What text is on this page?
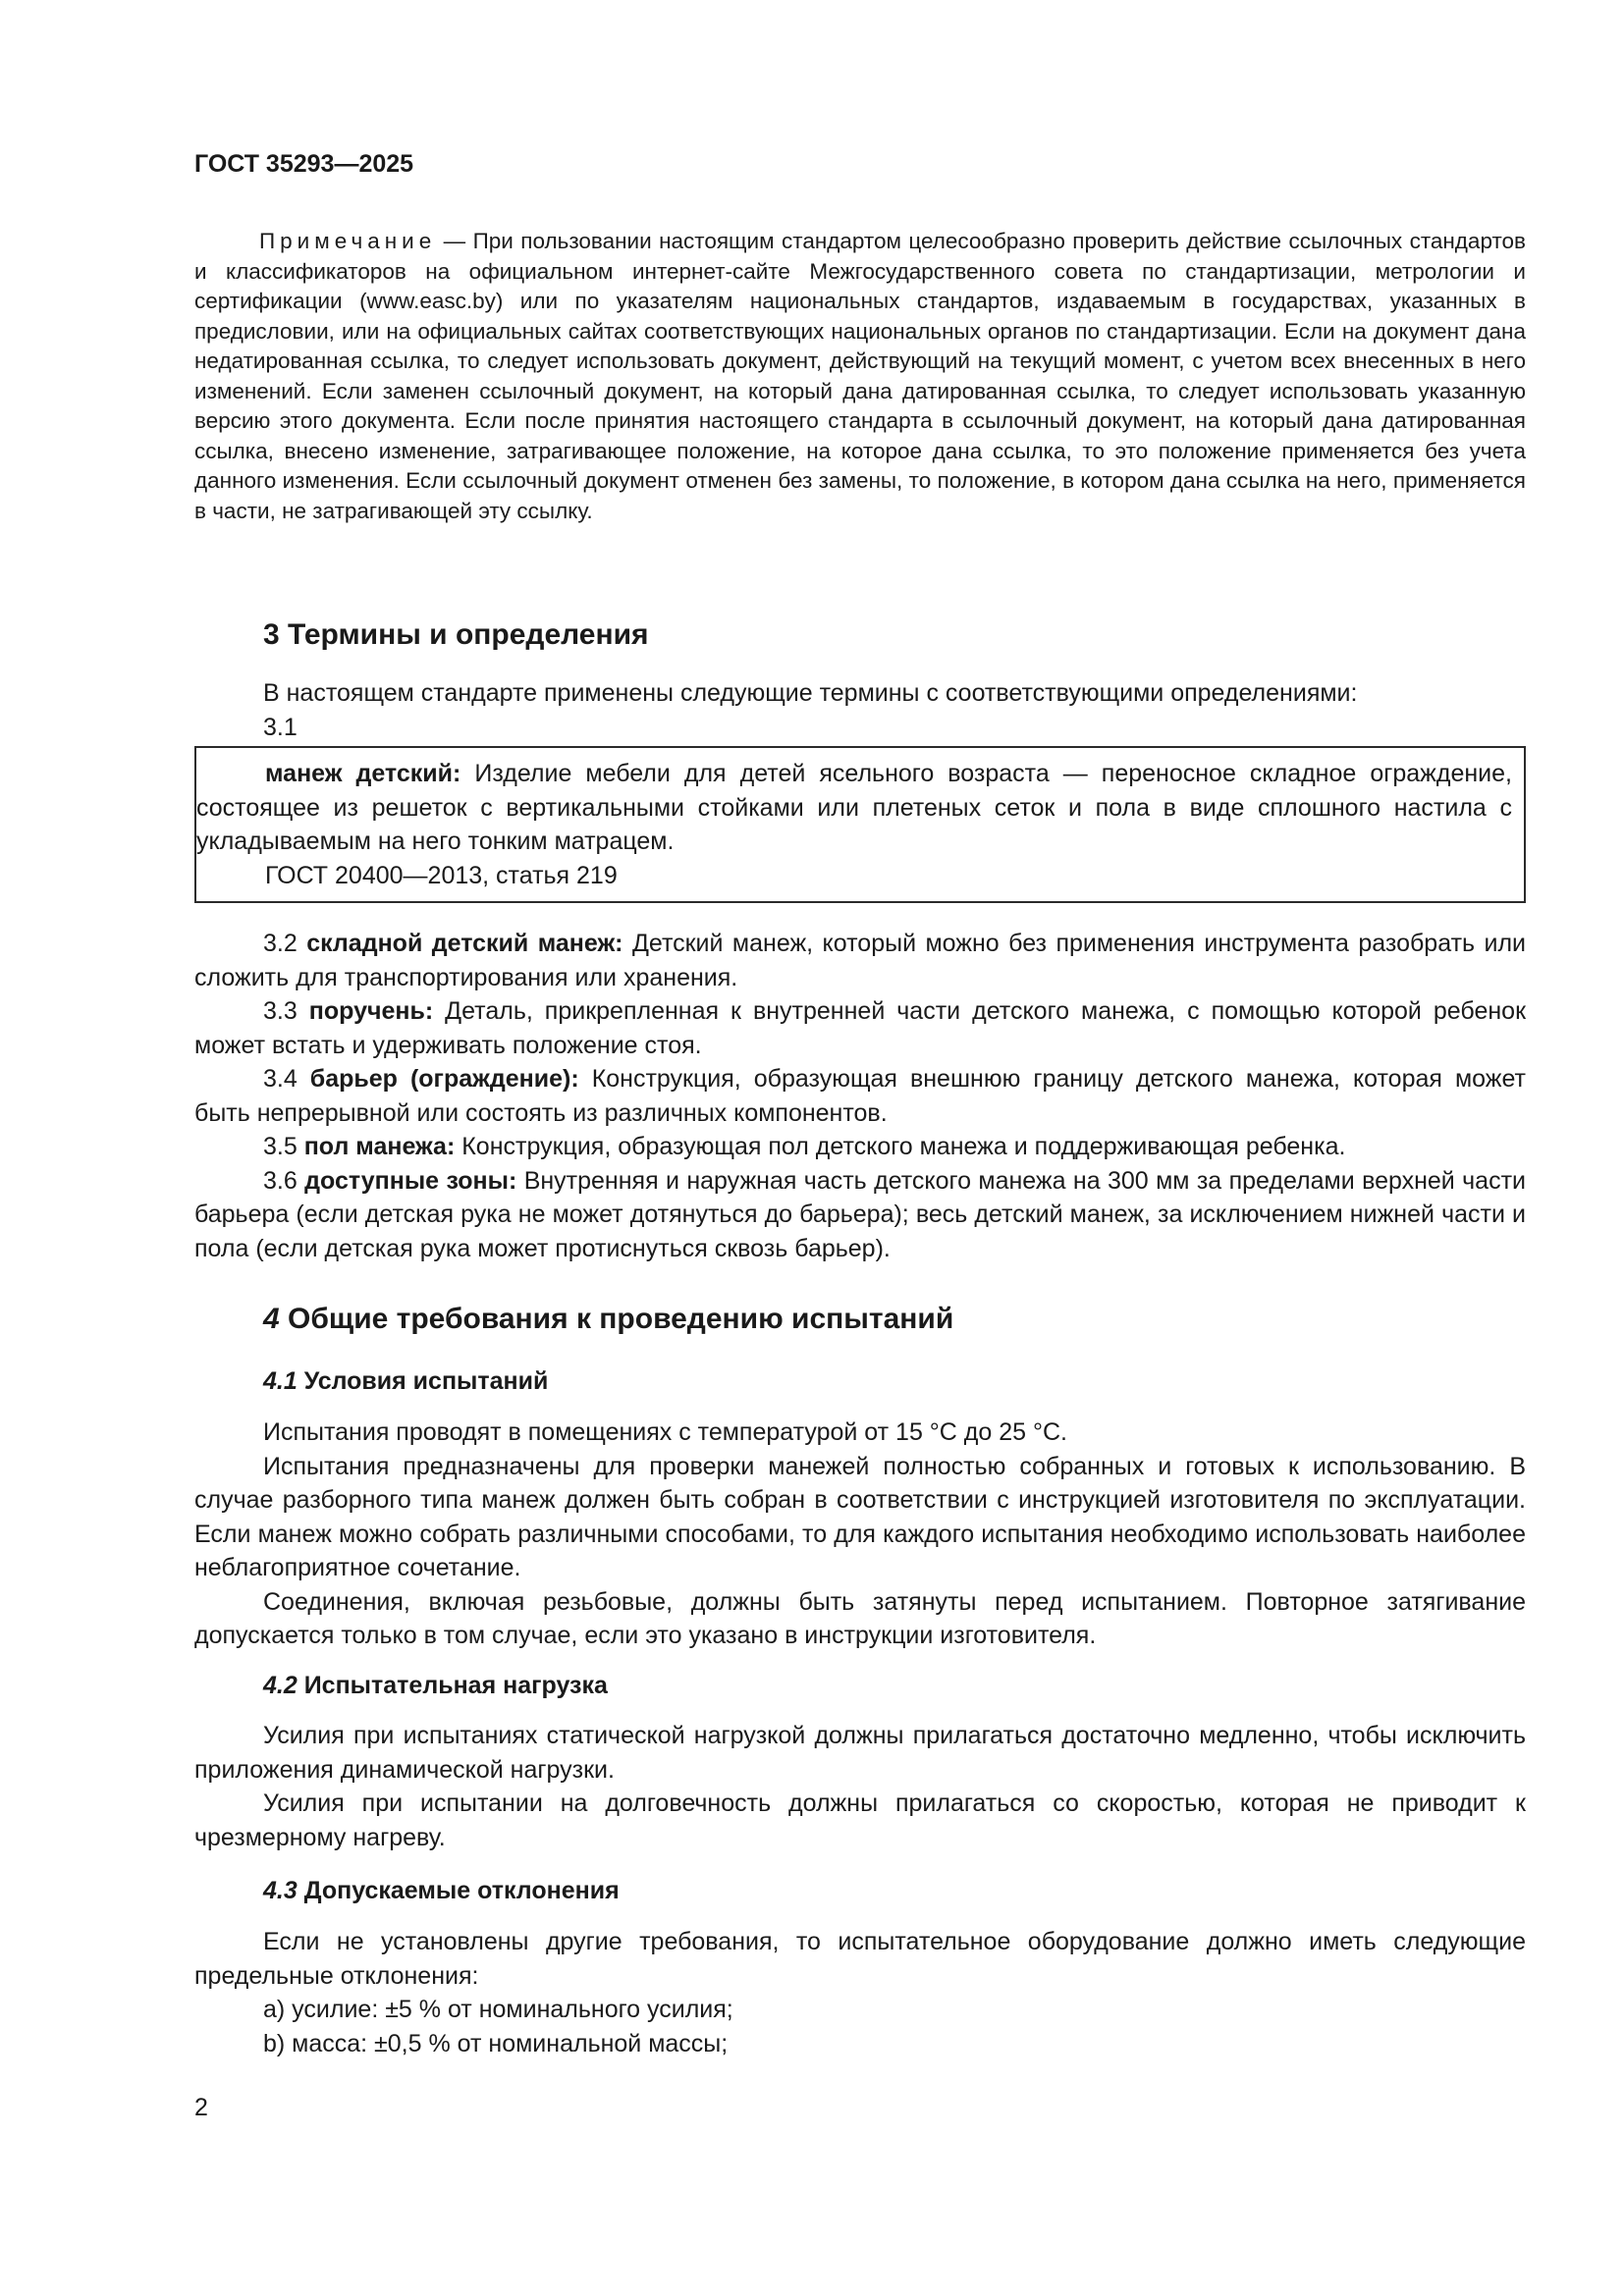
ГОСТ 35293—2025

Примечание — При пользовании настоящим стандартом целесообразно проверить действие ссылочных стандартов и классификаторов на официальном интернет-сайте Межгосударственного совета по стандартизации, метрологии и сертификации (www.easc.by) или по указателям национальных стандартов, издаваемым в государствах, указанных в предисловии, или на официальных сайтах соответствующих национальных органов по стандартизации. Если на документ дана недатированная ссылка, то следует использовать документ, действующий на текущий момент, с учетом всех внесенных в него изменений. Если заменен ссылочный документ, на который дана датированная ссылка, то следует использовать указанную версию этого документа. Если после принятия настоящего стандарта в ссылочный документ, на который дана датированная ссылка, внесено изменение, затрагивающее положение, на которое дана ссылка, то это положение применяется без учета данного изменения. Если ссылочный документ отменен без замены, то положение, в котором дана ссылка на него, применяется в части, не затрагивающей эту ссылку.

3 Термины и определения

В настоящем стандарте применены следующие термины с соответствующими определениями:

3.1

манеж детский: Изделие мебели для детей ясельного возраста — переносное складное ограждение, состоящее из решеток с вертикальными стойками или плетеных сеток и пола в виде сплошного настила с укладываемым на него тонким матрацем.

ГОСТ 20400—2013, статья 219

3.2 складной детский манеж: Детский манеж, который можно без применения инструмента разобрать или сложить для транспортирования или хранения.

3.3 поручень: Деталь, прикрепленная к внутренней части детского манежа, с помощью которой ребенок может встать и удерживать положение стоя.

3.4 барьер (ограждение): Конструкция, образующая внешнюю границу детского манежа, которая может быть непрерывной или состоять из различных компонентов.

3.5 пол манежа: Конструкция, образующая пол детского манежа и поддерживающая ребенка.

3.6 доступные зоны: Внутренняя и наружная часть детского манежа на 300 мм за пределами верхней части барьера (если детская рука не может дотянуться до барьера); весь детский манеж, за исключением нижней части и пола (если детская рука может протиснуться сквозь барьер).

4 Общие требования к проведению испытаний
4.1 Условия испытаний

Испытания проводят в помещениях с температурой от 15 °С до 25 °С.

Испытания предназначены для проверки манежей полностью собранных и готовых к использованию. В случае разборного типа манеж должен быть собран в соответствии с инструкцией изготовителя по эксплуатации. Если манеж можно собрать различными способами, то для каждого испытания необходимо использовать наиболее неблагоприятное сочетание.

Соединения, включая резьбовые, должны быть затянуты перед испытанием. Повторное затягивание допускается только в том случае, если это указано в инструкции изготовителя.

4.2 Испытательная нагрузка

Усилия при испытаниях статической нагрузкой должны прилагаться достаточно медленно, чтобы исключить приложения динамической нагрузки.

Усилия при испытании на долговечность должны прилагаться со скоростью, которая не приводит к чрезмерному нагреву.

4.3 Допускаемые отклонения

Если не установлены другие требования, то испытательное оборудование должно иметь следующие предельные отклонения:

a) усилие: ±5 % от номинального усилия;

b) масса: ±0,5 % от номинальной массы;

2
